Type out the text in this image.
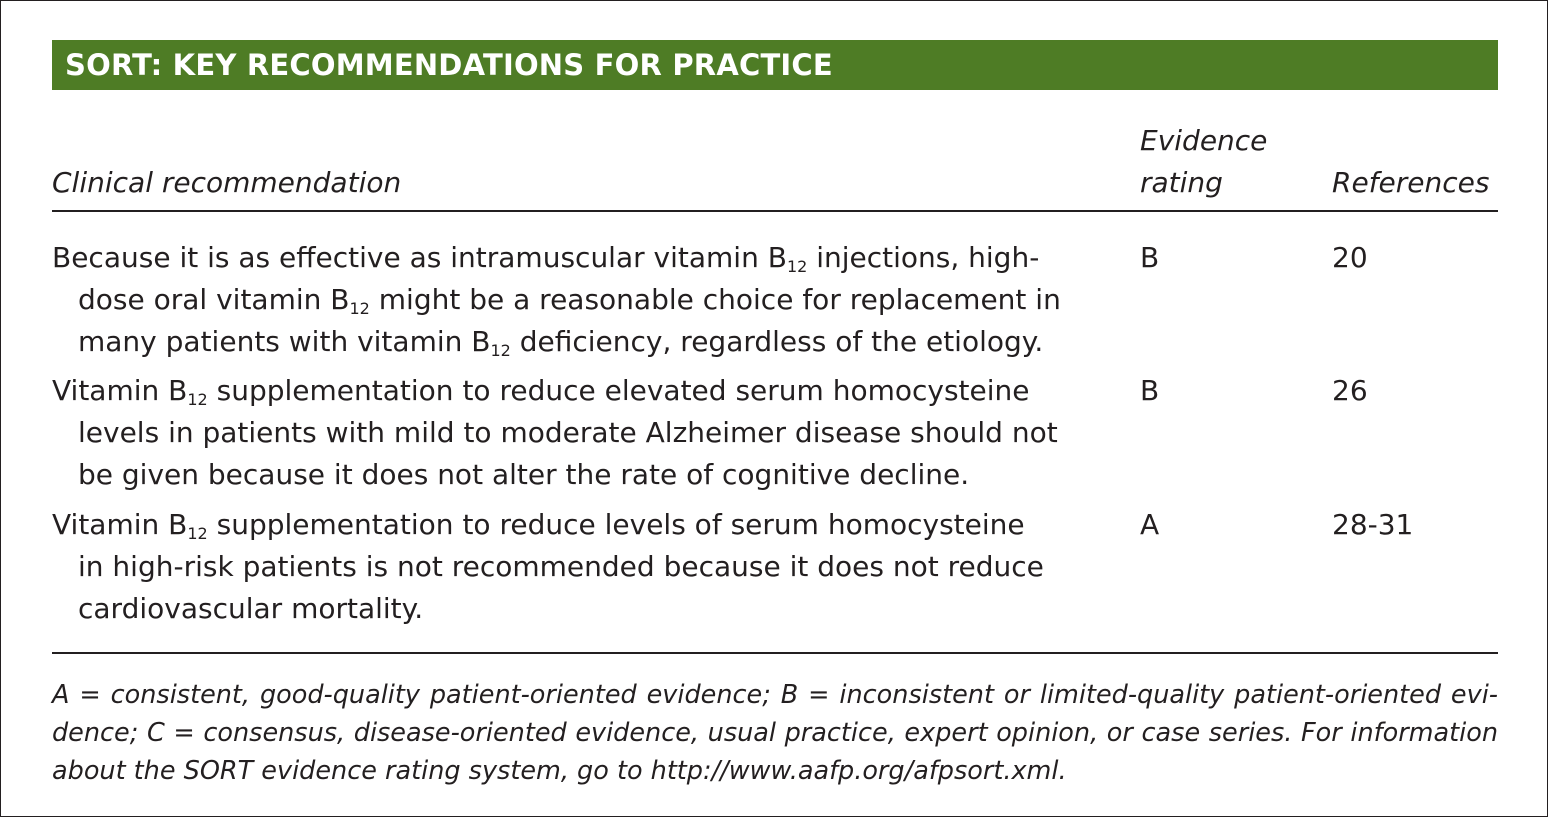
SORT: KEY RECOMMENDATIONS FOR PRACTICE
Clinical recommendation
Evidence
rating	References
Because it is as effective as intramuscular vitamin $B_{12}$ injections, high-
dose oral vitamin $B_{12}$ might be a reasonable choice for replacement in
many patients with vitamin $B_{12}$ deficiency, regardless of the etiology.
B	20
Vitamin $B_{12}$ supplementation to reduce elevated serum homocysteine
levels in patients with mild to moderate Alzheimer disease should not
be given because it does not alter the rate of cognitive decline.
B	26
Vitamin $B_{12}$ supplementation to reduce levels of serum homocysteine
in high-risk patients is not recommended because it does not reduce
cardiovascular mortality.
A	28-31
A = consistent, good-quality patient-oriented evidence; B = inconsistent or limited-quality patient-oriented evi-
dence; C = consensus, disease-oriented evidence, usual practice, expert opinion, or case series. For information
about the SORT evidence rating system, go to http://www.aafp.org/afpsort.xml.
